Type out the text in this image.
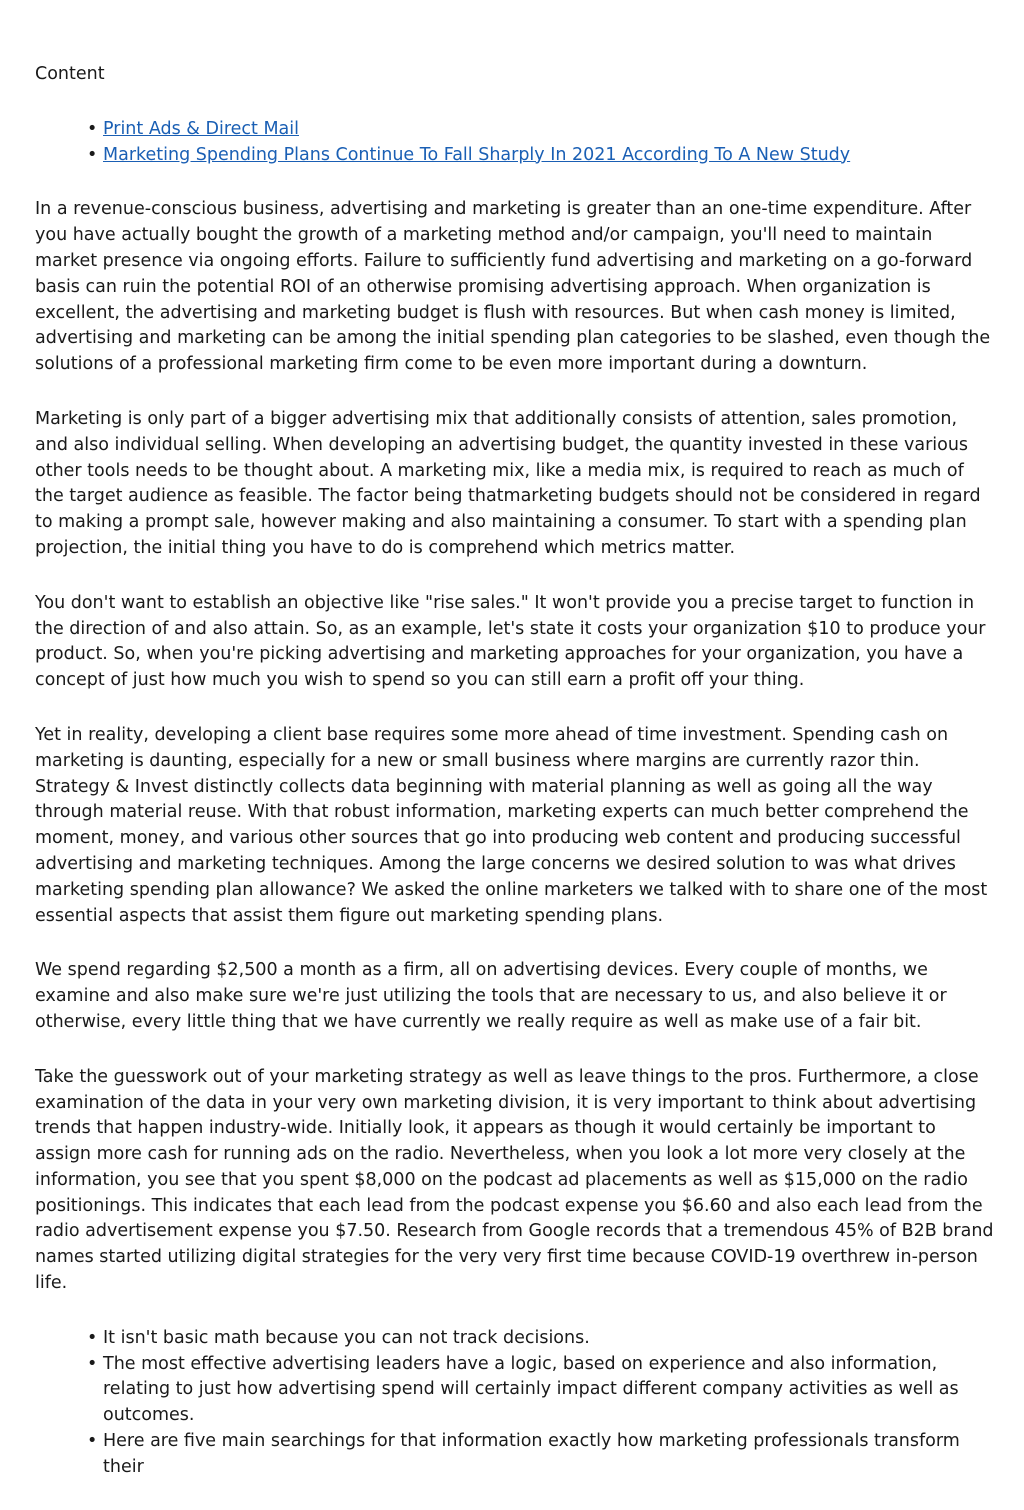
Content
• Print Ads & Direct Mail
• Marketing Spending Plans Continue To Fall Sharply In 2021 According To A New Study

In a revenue-conscious business, advertising and marketing is greater than an one-time expenditure. After you have actually bought the growth of a marketing method and/or campaign, you'll need to maintain market presence via ongoing efforts. Failure to sufficiently fund advertising and marketing on a go-forward basis can ruin the potential ROI of an otherwise promising advertising approach. When organization is excellent, the advertising and marketing budget is flush with resources. But when cash money is limited, advertising and marketing can be among the initial spending plan categories to be slashed, even though the solutions of a professional marketing firm come to be even more important during a downturn.

Marketing is only part of a bigger advertising mix that additionally consists of attention, sales promotion, and also individual selling. When developing an advertising budget, the quantity invested in these various other tools needs to be thought about. A marketing mix, like a media mix, is required to reach as much of the target audience as feasible. The factor being thatmarketing budgets should not be considered in regard to making a prompt sale, however making and also maintaining a consumer. To start with a spending plan projection, the initial thing you have to do is comprehend which metrics matter.

You don't want to establish an objective like "rise sales." It won't provide you a precise target to function in the direction of and also attain. So, as an example, let's state it costs your organization $10 to produce your product. So, when you're picking advertising and marketing approaches for your organization, you have a concept of just how much you wish to spend so you can still earn a profit off your thing.

Yet in reality, developing a client base requires some more ahead of time investment. Spending cash on marketing is daunting, especially for a new or small business where margins are currently razor thin. Strategy & Invest distinctly collects data beginning with material planning as well as going all the way through material reuse. With that robust information, marketing experts can much better comprehend the moment, money, and various other sources that go into producing web content and producing successful advertising and marketing techniques. Among the large concerns we desired solution to was what drives marketing spending plan allowance? We asked the online marketers we talked with to share one of the most essential aspects that assist them figure out marketing spending plans.

We spend regarding $2,500 a month as a firm, all on advertising devices. Every couple of months, we examine and also make sure we're just utilizing the tools that are necessary to us, and also believe it or otherwise, every little thing that we have currently we really require as well as make use of a fair bit.

Take the guesswork out of your marketing strategy as well as leave things to the pros. Furthermore, a close examination of the data in your very own marketing division, it is very important to think about advertising trends that happen industry-wide. Initially look, it appears as though it would certainly be important to assign more cash for running ads on the radio. Nevertheless, when you look a lot more very closely at the information, you see that you spent $8,000 on the podcast ad placements as well as $15,000 on the radio positionings. This indicates that each lead from the podcast expense you $6.60 and also each lead from the radio advertisement expense you $7.50. Research from Google records that a tremendous 45% of B2B brand names started utilizing digital strategies for the very very first time because COVID-19 overthrew in-person life.

• It isn't basic math because you can not track decisions.
• The most effective advertising leaders have a logic, based on experience and also information, relating to just how advertising spend will certainly impact different company activities as well as outcomes.
• Here are five main searchings for that information exactly how marketing professionals transform their
